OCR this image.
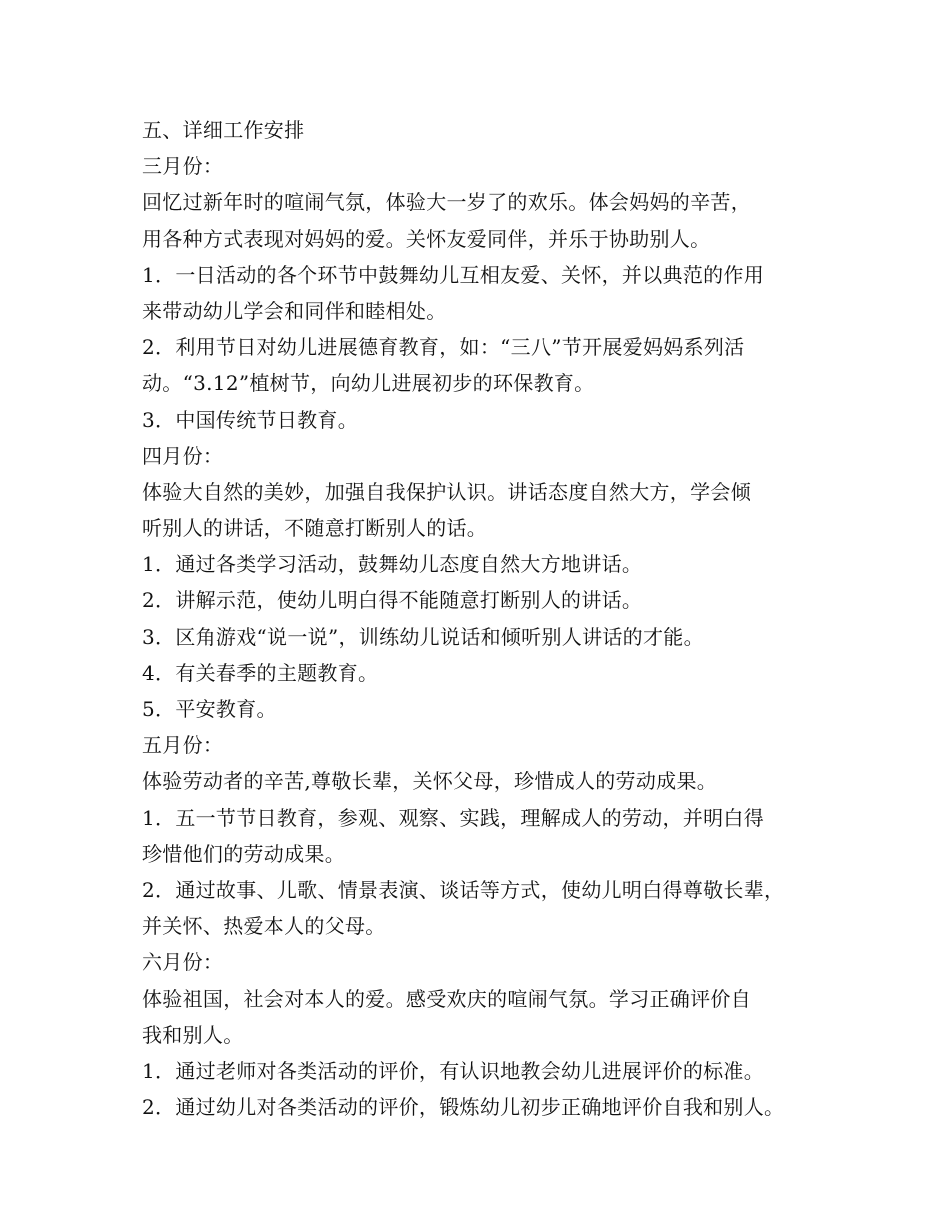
五、详细工作安排
三月份：
回忆过新年时的喧闹气氛，体验大一岁了的欢乐。体会妈妈的辛苦，
用各种方式表现对妈妈的爱。关怀友爱同伴，并乐于协助别人。
1．一日活动的各个环节中鼓舞幼儿互相友爱、关怀，并以典范的作用
来带动幼儿学会和同伴和睦相处。
2．利用节日对幼儿进展德育教育，如：“三八”节开展爱妈妈系列活
动。“3.12”植树节，向幼儿进展初步的环保教育。
3．中国传统节日教育。
四月份：
体验大自然的美妙，加强自我保护认识。讲话态度自然大方，学会倾
听别人的讲话，不随意打断别人的话。
1．通过各类学习活动，鼓舞幼儿态度自然大方地讲话。
2．讲解示范，使幼儿明白得不能随意打断别人的讲话。
3．区角游戏“说一说”，训练幼儿说话和倾听别人讲话的才能。
4．有关春季的主题教育。
5．平安教育。
五月份：
体验劳动者的辛苦,尊敬长辈，关怀父母，珍惜成人的劳动成果。
1．五一节节日教育，参观、观察、实践，理解成人的劳动，并明白得
珍惜他们的劳动成果。
2．通过故事、儿歌、情景表演、谈话等方式，使幼儿明白得尊敬长辈，
并关怀、热爱本人的父母。
六月份：
体验祖国，社会对本人的爱。感受欢庆的喧闹气氛。学习正确评价自
我和别人。
1．通过老师对各类活动的评价，有认识地教会幼儿进展评价的标准。
2．通过幼儿对各类活动的评价，锻炼幼儿初步正确地评价自我和别人。
